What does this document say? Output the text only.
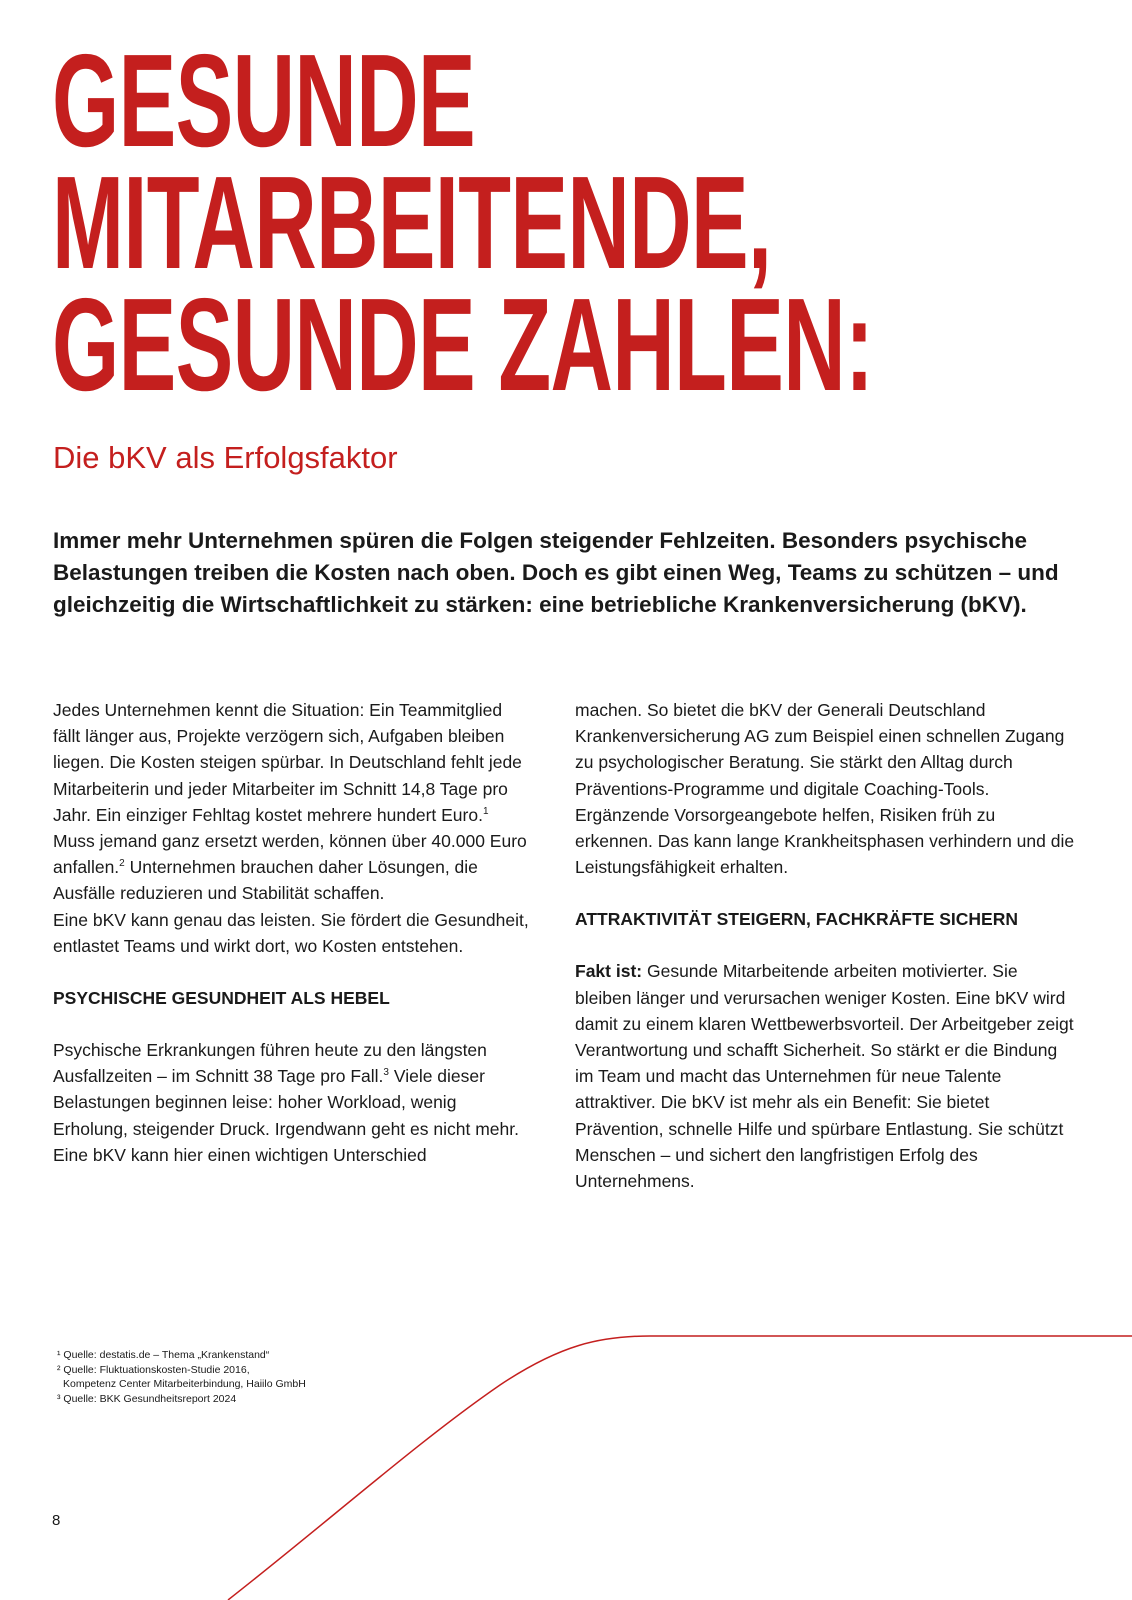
GESUNDE
MITARBEITENDE,
GESUNDE ZAHLEN:
Die bKV als Erfolgsfaktor

Immer mehr Unternehmen spüren die Folgen steigender Fehlzeiten. Besonders psychische Belastungen treiben die Kosten nach oben. Doch es gibt einen Weg, Teams zu schützen – und gleichzeitig die Wirtschaftlichkeit zu stärken: eine betriebliche Krankenversicherung (bKV).

Jedes Unternehmen kennt die Situation: Ein Teammitglied fällt länger aus, Projekte verzögern sich, Aufgaben bleiben liegen. Die Kosten steigen spürbar. In Deutschland fehlt jede Mitarbeiterin und jeder Mitarbeiter im Schnitt 14,8 Tage pro Jahr. Ein einziger Fehltag kostet mehrere hundert Euro.$^1$ Muss jemand ganz ersetzt werden, können über 40.000 Euro anfallen.$^2$ Unternehmen brauchen daher Lösungen, die Ausfälle reduzieren und Stabilität schaffen.

Eine bKV kann genau das leisten. Sie fördert die Gesundheit, entlastet Teams und wirkt dort, wo Kosten entstehen.

PSYCHISCHE GESUNDHEIT ALS HEBEL

Psychische Erkrankungen führen heute zu den längsten Ausfallzeiten – im Schnitt 38 Tage pro Fall.$^3$ Viele dieser Belastungen beginnen leise: hoher Workload, wenig Erholung, steigender Druck. Irgendwann geht es nicht mehr.

Eine bKV kann hier einen wichtigen Unterschied

machen. So bietet die bKV der Generali Deutschland Krankenversicherung AG zum Beispiel einen schnellen Zugang zu psychologischer Beratung. Sie stärkt den Alltag durch Präventions-Programme und digitale Coaching-Tools. Ergänzende Vorsorgeangebote helfen, Risiken früh zu erkennen. Das kann lange Krankheitsphasen verhindern und die Leistungsfähigkeit erhalten.

ATTRAKTIVITÄT STEIGERN, FACHKRÄFTE SICHERN

Fakt ist: Gesunde Mitarbeitende arbeiten motivierter. Sie bleiben länger und verursachen weniger Kosten. Eine bKV wird damit zu einem klaren Wettbewerbsvorteil. Der Arbeitgeber zeigt Verantwortung und schafft Sicherheit. So stärkt er die Bindung im Team und macht das Unternehmen für neue Talente attraktiver. Die bKV ist mehr als ein Benefit: Sie bietet Prävention, schnelle Hilfe und spürbare Entlastung. Sie schützt Menschen – und sichert den langfristigen Erfolg des Unternehmens.

¹ Quelle: destatis.de – Thema „Krankenstand“
² Quelle: Fluktuationskosten-Studie 2016,
Kompetenz Center Mitarbeiterbindung, Haiilo GmbH
³ Quelle: BKK Gesundheitsreport 2024
8
